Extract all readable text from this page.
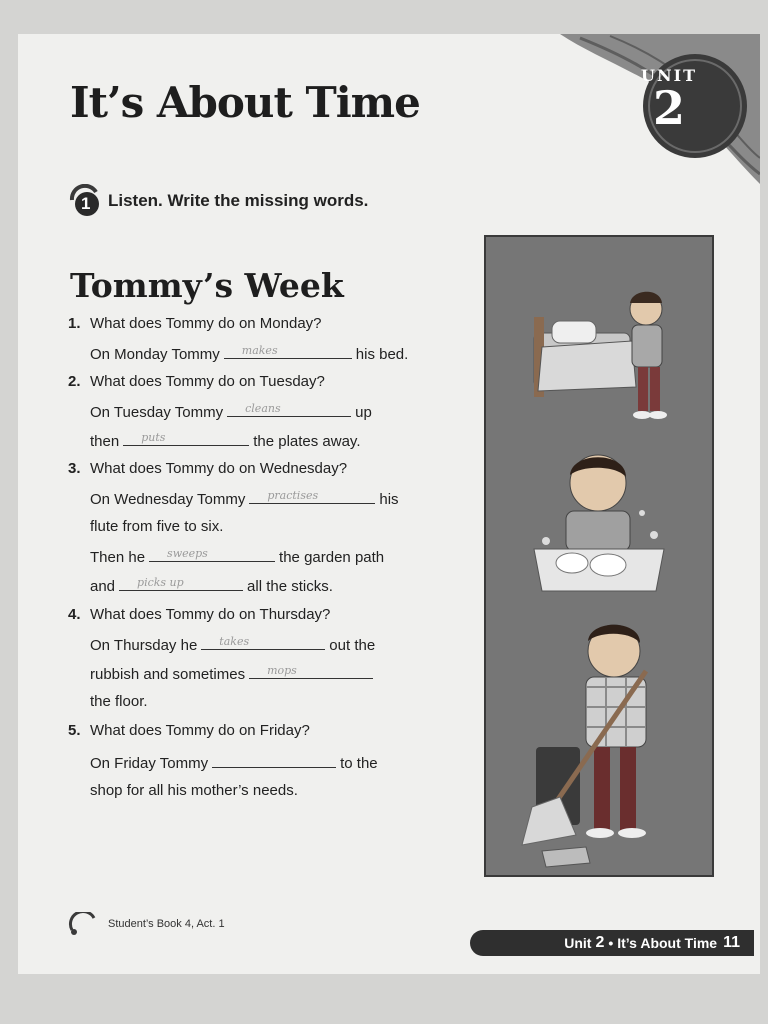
UNIT
2
It’s About Time
1 Listen. Write the missing words.
Tommy’s Week
1. What does Tommy do on Monday?
On Monday Tommy makes	his bed.
2. What does Tommy do on Tuesday?
On Tuesday Tommy cleans	up
then puts	the plates away.
3. What does Tommy do on Wednesday?
On Wednesday Tommy practises	his
flute from five to six.
Then he sweeps	the garden path
and picks up	all the sticks.
4. What does Tommy do on Thursday?
On Thursday he takes	out the
rubbish and sometimes mops
the floor.
5. What does Tommy do on Friday?
On Friday Tommy	to the
shop for all his mother’s needs.
Student’s Book 4, Act. 1
Unit 2 • It’s About Time 11
